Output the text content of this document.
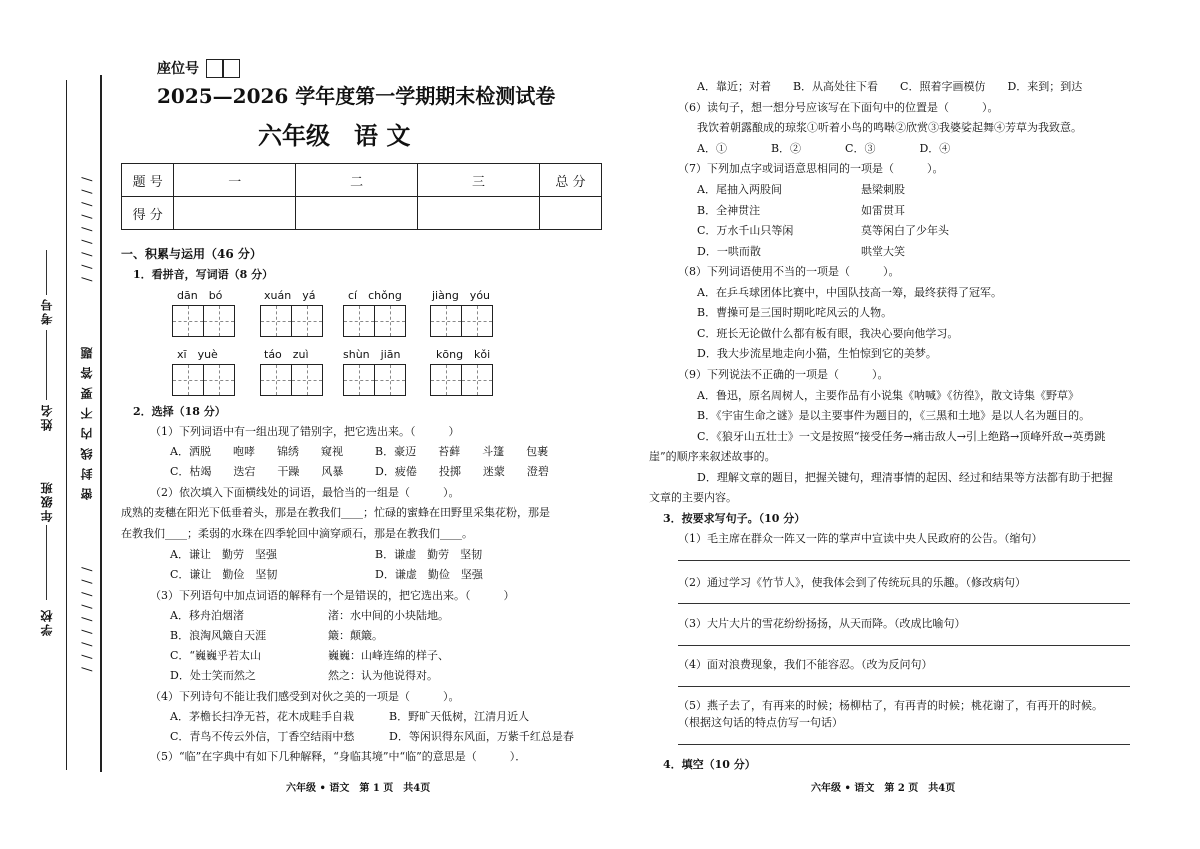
/ / / / / / / / /
密 封 线 内 不 要 答 题
/ / / / / / / / /
考号
姓名
年级班
学校
座位号
2025—2026 学年度第一学期期末检测试卷
六年级　语 文
题 号	一	二	三	总 分
得 分				
一、积累与运用（46 分）
1．看拼音，写词语（8 分）
dān　bó	xuán　yá	cí　chǒng	jiàng　yóu
xī　yuè	táo　zuì	shùn　jiān	kōng　kǒi
2．选择（18 分）
（1）下列词语中有一组出现了错别字，把它选出来。（　　　）
A．洒脱　　咆哮　　锦绣　　窥视	B．豪迈　　苔藓　　斗篷　　包裹
C．枯竭　　迭宕　　干躁　　风暴	D．疲倦　　投掷　　迷蒙　　澄碧
（2）依次填入下面横线处的词语，最恰当的一组是（　　　）。
成熟的麦穗在阳光下低垂着头，那是在教我们____；忙碌的蜜蜂在田野里采集花粉，那是
在教我们____；柔弱的水珠在四季轮回中滴穿顽石，那是在教我们____。
A．谦让　勤劳　坚强	B．谦虚　勤劳　坚韧
C．谦让　勤俭　坚韧	D．谦虚　勤俭　坚强
（3）下列语句中加点词语的解释有一个是错误的，把它选出来。（　　　）
A．移舟泊烟渚	渚：水中间的小块陆地。
B．浪淘风簸自天涯	簸：颠簸。
C．“巍巍乎若太山	巍巍：山峰连绵的样子、
D．处士笑而然之	然之：认为他说得对。
（4）下列诗句不能让我们感受到对伙之美的一项是（　　　）。
A．茅檐长扫净无苔，花木成畦手自栽	B．野旷天低树，江清月近人
C．青鸟不传云外信，丁香空结雨中愁	D．等闲识得东风面，万紫千红总是春
（5）“临”在字典中有如下几种解释，“身临其境”中“临”的意思是（　　　）．
六年级 • 语文　第 1 页　共4页
A．靠近；对着　　B．从高处往下看　　C．照着字画模仿　　D．来到；到达
（6）读句子，想一想分号应该写在下面句中的位置是（　　　）。
我饮着朝露酿成的琼浆①听着小鸟的鸣啭②欣赏③我婆娑起舞④芳草为我致意。
A．①　　　　B．②　　　　C．③　　　　D．④
（7）下列加点字或词语意思相同的一项是（　　　）。
A．尾抽入两股间	悬梁刺股
B．全神贯注	如雷贯耳
C．万水千山只等闲	莫等闲白了少年头
D．一哄而散	哄堂大笑
（8）下列词语使用不当的一项是（　　　）。
A．在乒乓球团体比赛中，中国队技高一筹，最终获得了冠军。
B．曹操可是三国时期叱咤风云的人物。
C．班长无论做什么都有板有眼，我决心要向他学习。
D．我大步流星地走向小猫，生怕惊到它的美梦。
（9）下列说法不正确的一项是（　　　）。
A．鲁迅，原名周树人，主要作品有小说集《呐喊》《彷徨》，散文诗集《野草》
B．《宇宙生命之谜》是以主要事件为题目的，《三黑和土地》是以人名为题目的。
C．《狼牙山五壮士》一文是按照“接受任务→痛击敌人→引上绝路→顶峰歼敌→英勇跳
崖”的顺序来叙述故事的。
D．理解文章的题目，把握关键句，理清事情的起因、经过和结果等方法都有助于把握
文章的主要内容。
3．按要求写句子。（10 分）
（1）毛主席在群众一阵又一阵的掌声中宣读中央人民政府的公告。（缩句）
（2）通过学习《竹节人》，使我体会到了传统玩具的乐趣。（修改病句）
（3）大片大片的雪花纷纷扬扬，从天而降。（改成比喻句）
（4）面对浪费现象，我们不能容忍。（改为反问句）
（5）燕子去了，有再来的时候；杨柳枯了，有再青的时候；桃花谢了，有再开的时候。
（根据这句话的特点仿写一句话）
4．填空（10 分）
六年级 • 语文　第 2 页　共4页
